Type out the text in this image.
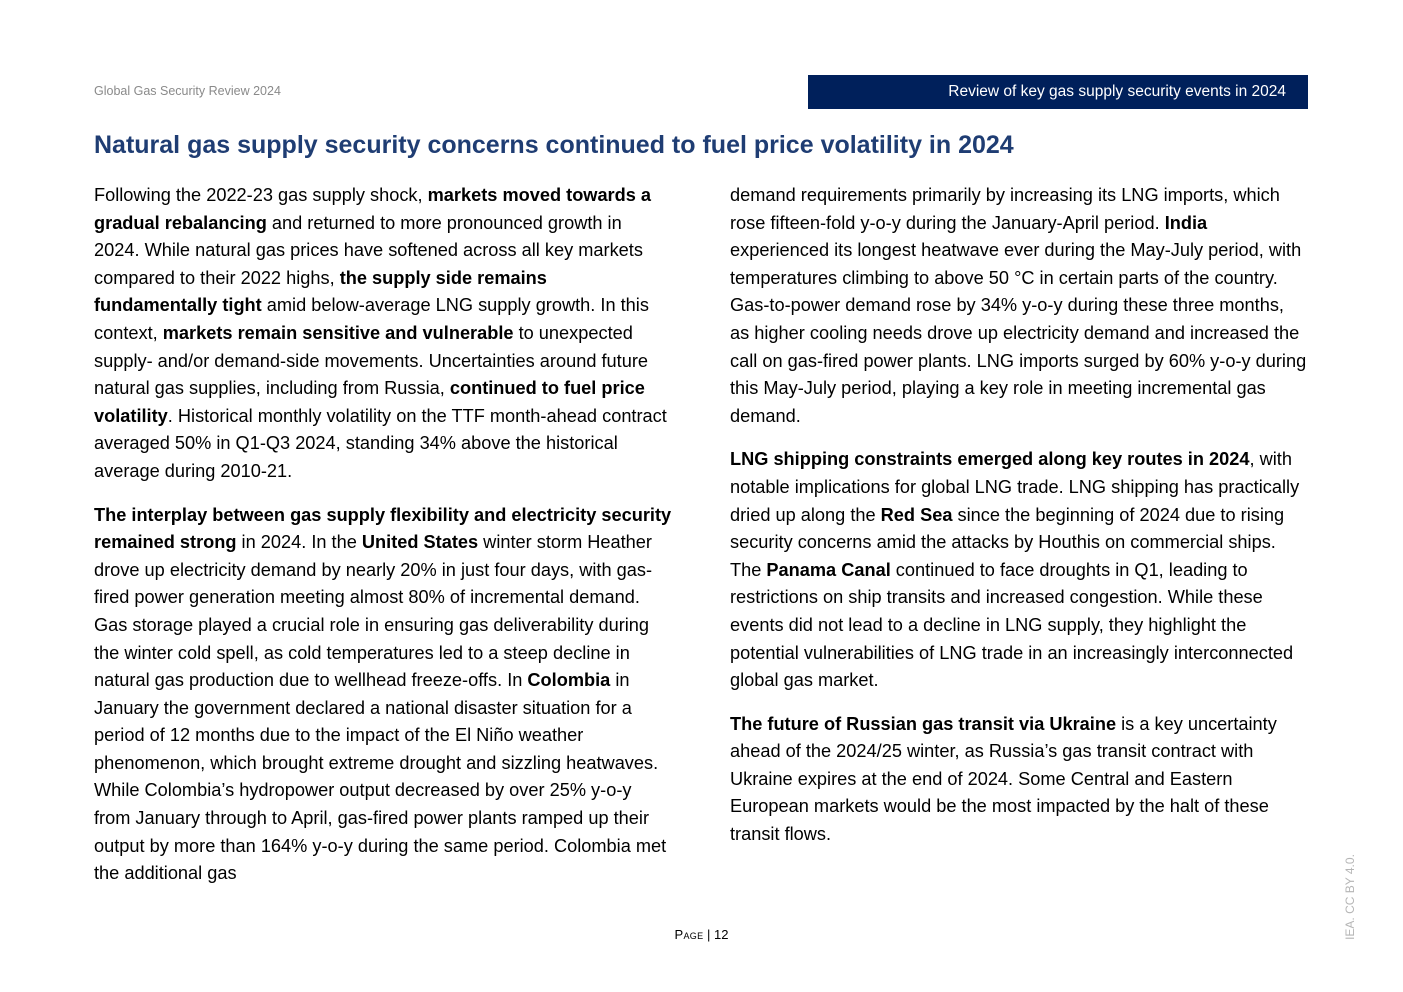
Global Gas Security Review 2024	Review of key gas supply security events in 2024
Natural gas supply security concerns continued to fuel price volatility in 2024

Following the 2022-23 gas supply shock, markets moved towards a gradual rebalancing and returned to more pronounced growth in 2024. While natural gas prices have softened across all key markets compared to their 2022 highs, the supply side remains fundamentally tight amid below-average LNG supply growth. In this context, markets remain sensitive and vulnerable to unexpected supply- and/or demand-side movements. Uncertainties around future natural gas supplies, including from Russia, continued to fuel price volatility. Historical monthly volatility on the TTF month-ahead contract averaged 50% in Q1-Q3 2024, standing 34% above the historical average during 2010-21.

The interplay between gas supply flexibility and electricity security remained strong in 2024. In the United States winter storm Heather drove up electricity demand by nearly 20% in just four days, with gas-fired power generation meeting almost 80% of incremental demand. Gas storage played a crucial role in ensuring gas deliverability during the winter cold spell, as cold temperatures led to a steep decline in natural gas production due to wellhead freeze-offs. In Colombia in January the government declared a national disaster situation for a period of 12 months due to the impact of the El Niño weather phenomenon, which brought extreme drought and sizzling heatwaves. While Colombia’s hydropower output decreased by over 25% y-o-y from January through to April, gas-fired power plants ramped up their output by more than 164% y-o-y during the same period. Colombia met the additional gas

demand requirements primarily by increasing its LNG imports, which rose fifteen-fold y-o-y during the January-April period. India experienced its longest heatwave ever during the May-July period, with temperatures climbing to above 50 °C in certain parts of the country. Gas-to-power demand rose by 34% y-o-y during these three months, as higher cooling needs drove up electricity demand and increased the call on gas-fired power plants. LNG imports surged by 60% y-o-y during this May-July period, playing a key role in meeting incremental gas demand.

LNG shipping constraints emerged along key routes in 2024, with notable implications for global LNG trade. LNG shipping has practically dried up along the Red Sea since the beginning of 2024 due to rising security concerns amid the attacks by Houthis on commercial ships. The Panama Canal continued to face droughts in Q1, leading to restrictions on ship transits and increased congestion. While these events did not lead to a decline in LNG supply, they highlight the potential vulnerabilities of LNG trade in an increasingly interconnected global gas market.

The future of Russian gas transit via Ukraine is a key uncertainty ahead of the 2024/25 winter, as Russia’s gas transit contract with Ukraine expires at the end of 2024. Some Central and Eastern European markets would be the most impacted by the halt of these transit flows.

Page | 12	IEA. CC BY 4.0.
